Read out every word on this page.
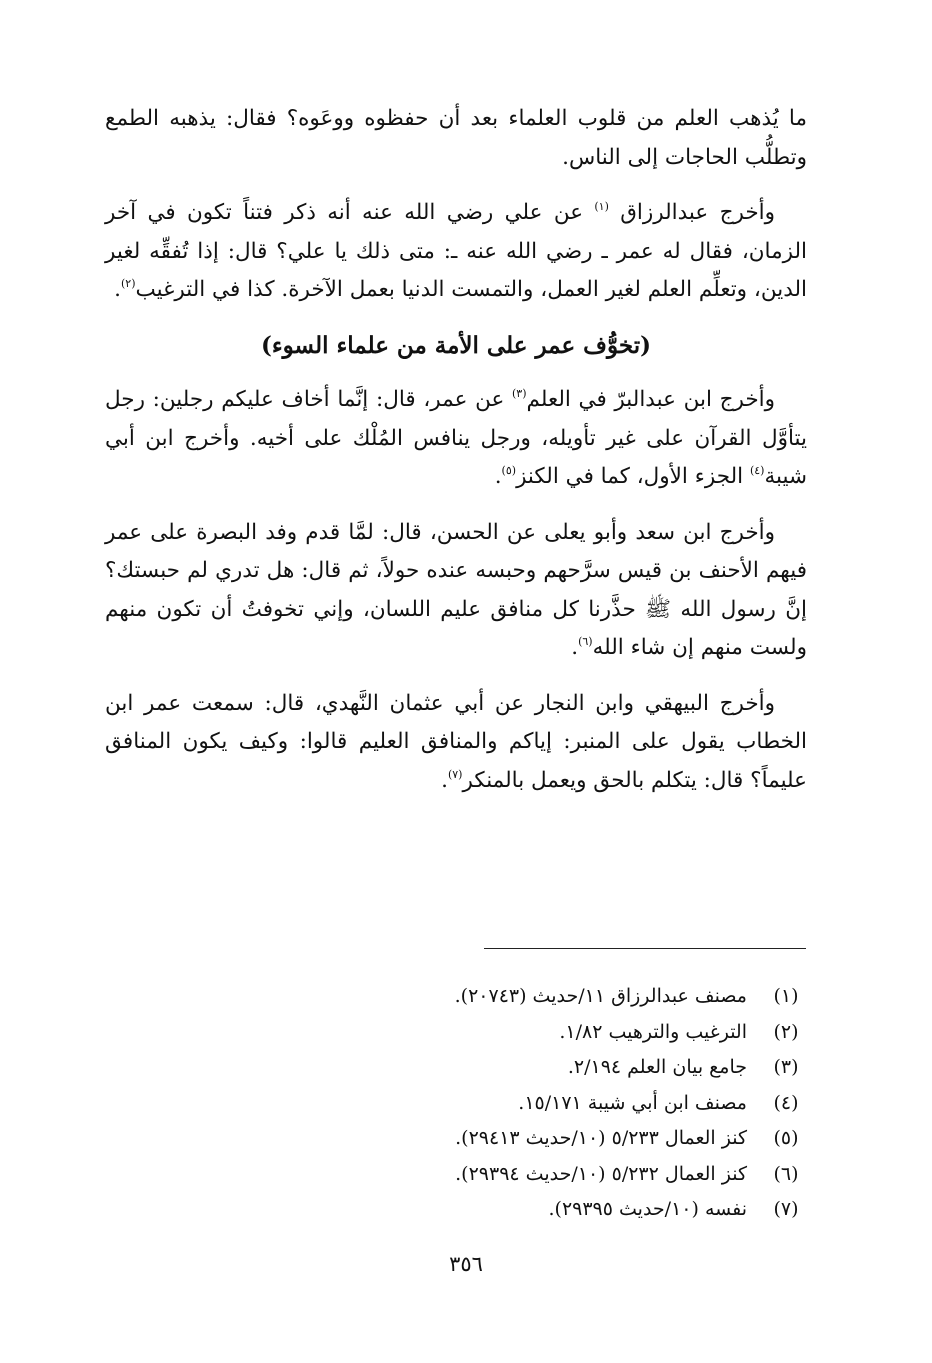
ما يُذهب العلم من قلوب العلماء بعد أن حفظوه ووعَوه؟ فقال: يذهبه الطمع وتطلُّب الحاجات إلى الناس.

وأخرج عبدالرزاق $^{(١)}$ عن علي رضي الله عنه أنه ذكر فتناً تكون في آخر الزمان، فقال له عمر ـ رضي الله عنه ـ: متى ذلك يا علي؟ قال: إذا تُفقِّه لغير الدين، وتعلِّم العلم لغير العمل، والتمست الدنيا بعمل الآخرة. كذا في الترغيب$^{(٢)}$.

(تخوُّف عمر على الأمة من علماء السوء)

وأخرج ابن عبدالبرّ في العلم$^{(٣)}$ عن عمر، قال: إنَّما أخاف عليكم رجلين: رجل يتأوَّل القرآن على غير تأويله، ورجل ينافس المُلْك على أخيه. وأخرج ابن أبي شيبة$^{(٤)}$ الجزء الأول، كما في الكنز$^{(٥)}$.

وأخرج ابن سعد وأبو يعلى عن الحسن، قال: لمَّا قدم وفد البصرة على عمر فيهم الأحنف بن قيس سرَّحهم وحبسه عنده حولاً، ثم قال: هل تدري لم حبستك؟ إنَّ رسول الله ﷺ حذَّرنا كل منافق عليم اللسان، وإني تخوفتُ أن تكون منهم ولست منهم إن شاء الله$^{(٦)}$.

وأخرج البيهقي وابن النجار عن أبي عثمان النَّهدي، قال: سمعت عمر ابن الخطاب يقول على المنبر: إياكم والمنافق العليم قالوا: وكيف يكون المنافق عليماً؟ قال: يتكلم بالحق ويعمل بالمنكر$^{(٧)}$.

(١)
مصنف عبدالرزاق ١١/حديث (٢٠٧٤٣).
(٢)
الترغيب والترهيب ١/٨٢.
(٣)
جامع بيان العلم ٢/١٩٤.
(٤)
مصنف ابن أبي شيبة ١٥/١٧١.
(٥)
كنز العمال ٥/٢٣٣ (١٠/حديث ٢٩٤١٣).
(٦)
كنز العمال ٥/٢٣٢ (١٠/حديث ٢٩٣٩٤).
(٧)
نفسه (١٠/حديث ٢٩٣٩٥).
٣٥٦
